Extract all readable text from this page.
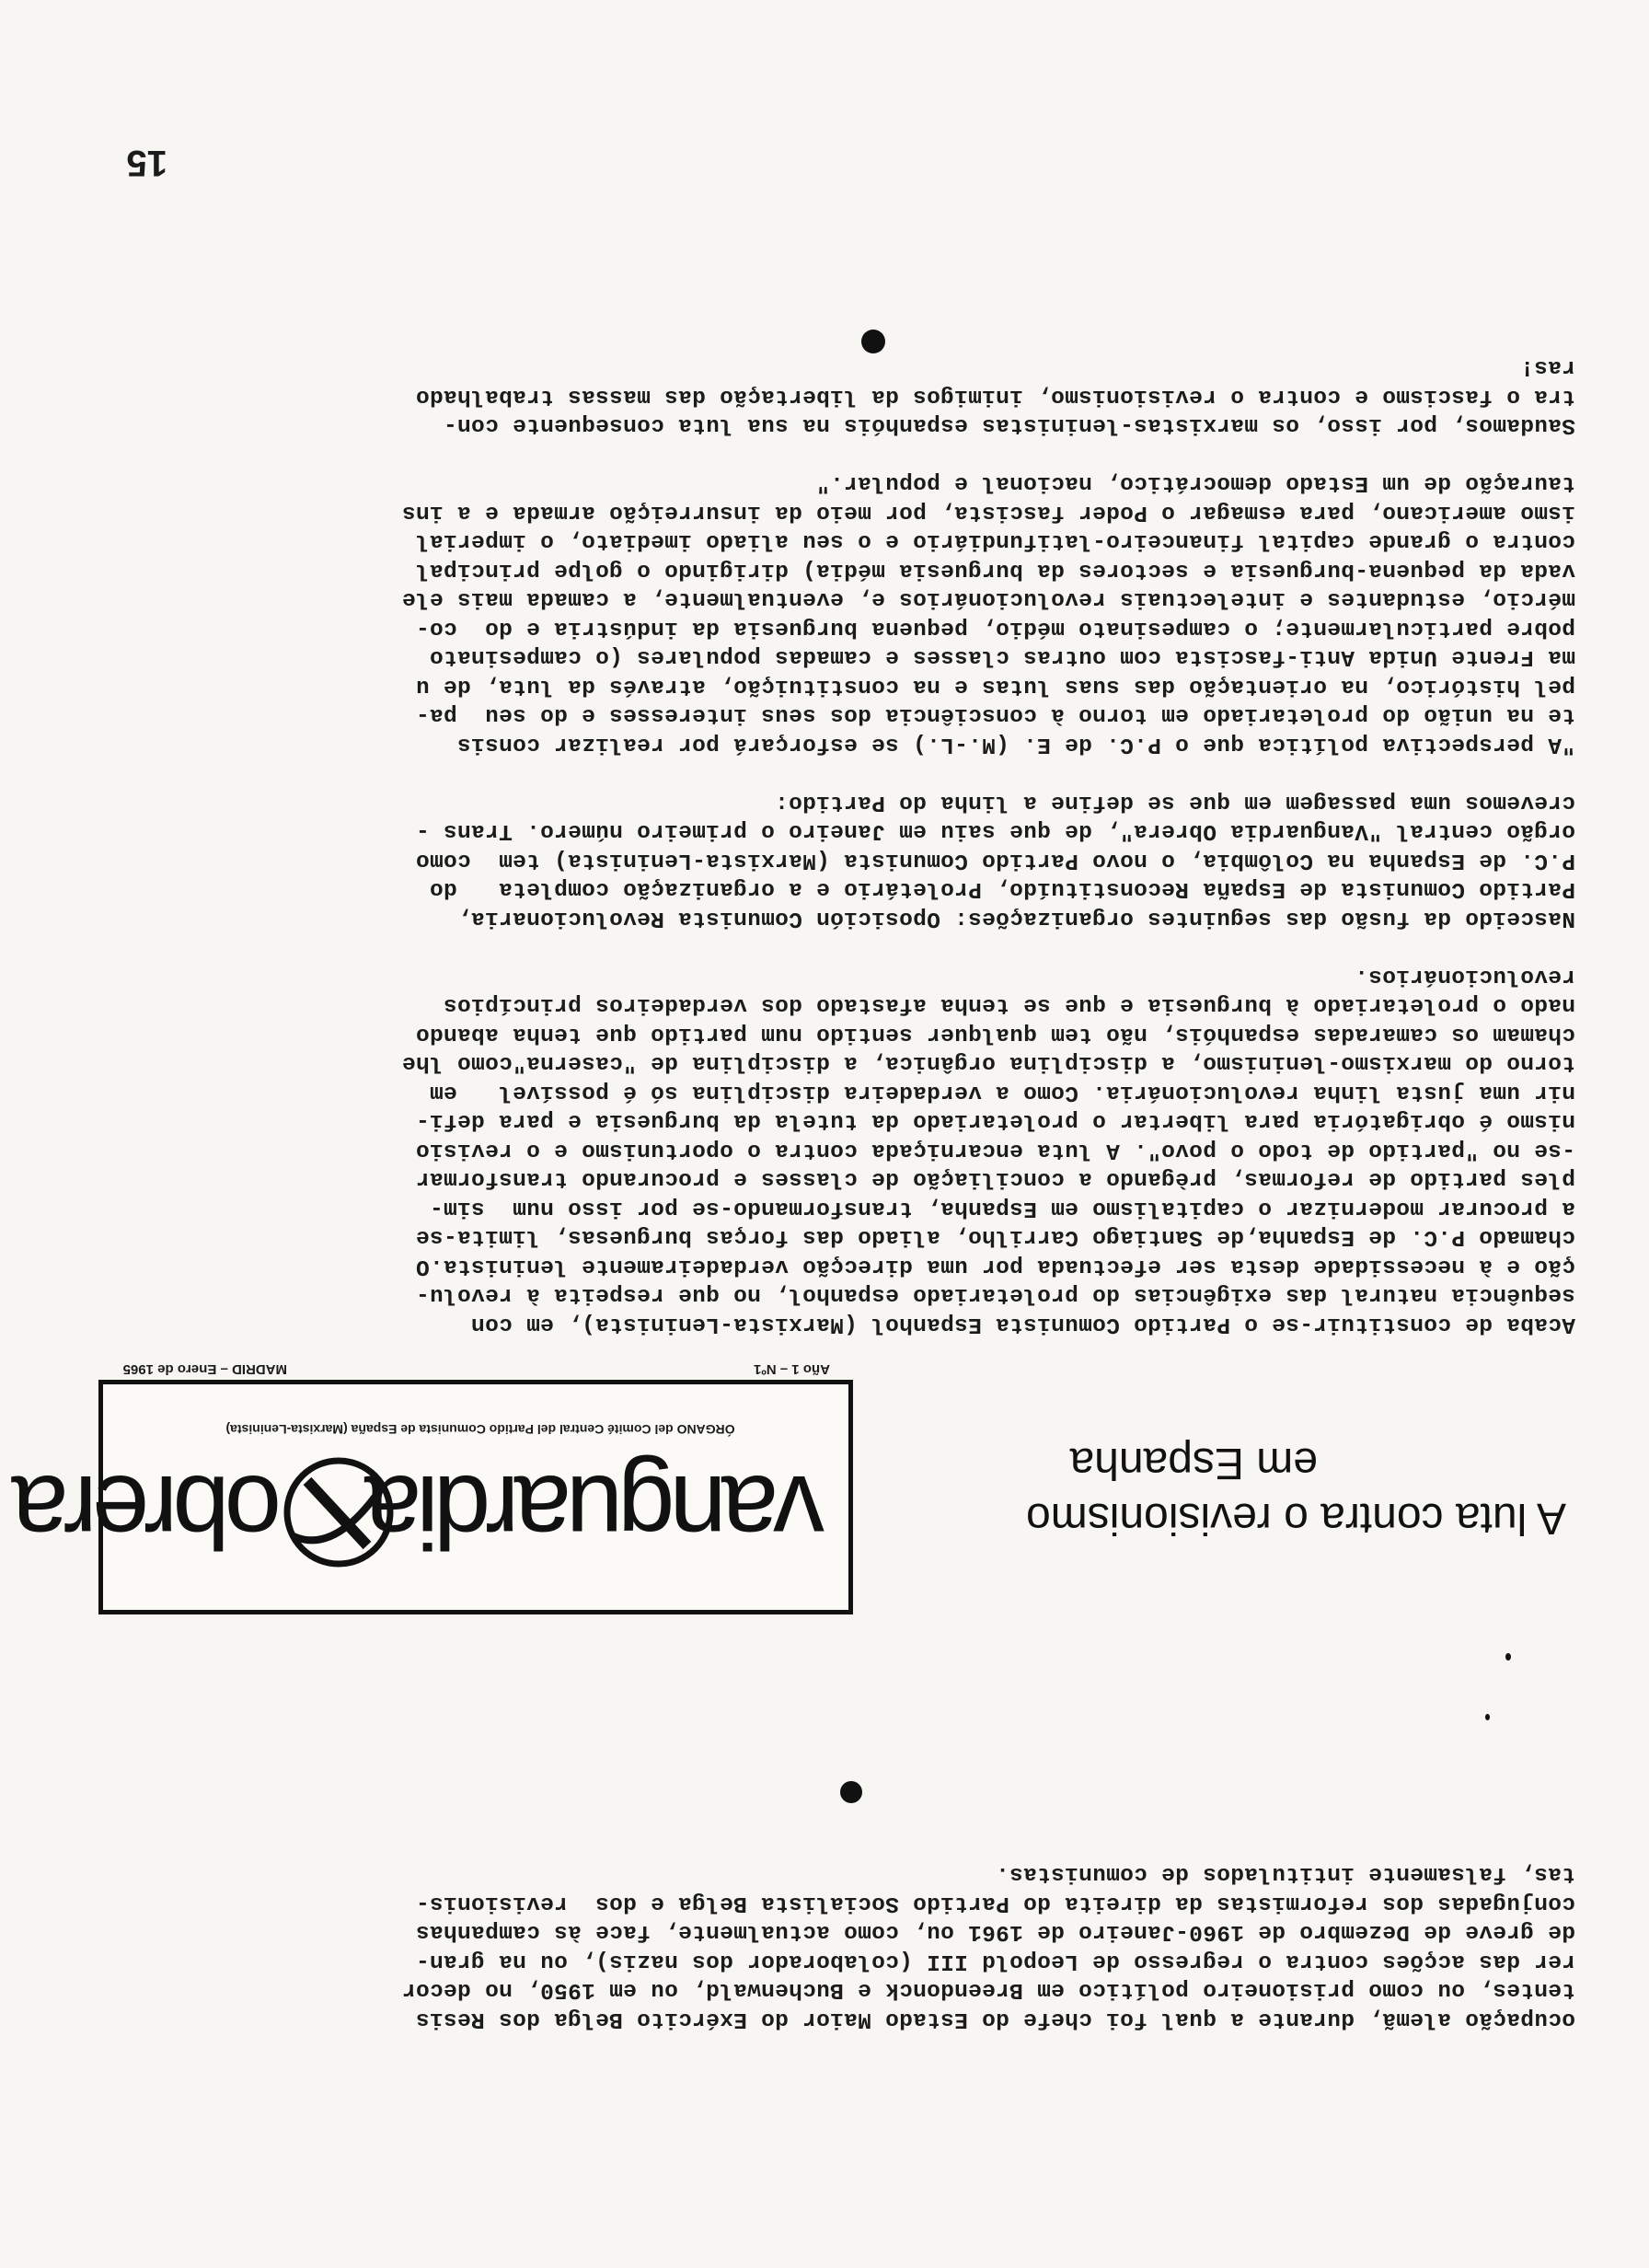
15
ocupação alemã, durante a qual foi chefe do Estado Maior do Exército Belga dos Resis
tentes, ou como prisioneiro político em Breendonck e Buchenwald, ou em 1950, no decor
rer das acções contra o regresso de Leopold III (colaborador dos nazis), ou na gran-
de greve de Dezembro de 1960-Janeiro de 1961 ou, como actualmente, face às campanhas
conjugadas dos reformistas da direita do Partido Socialista Belga e dos  revisionis-
tas, falsamente intitulados de comunistas.
A luta contra o revisionismo
em Espanha
vanguardia
obrera
ÓRGANO del Comité Central del Partido Comunista de España (Marxista-Leninista)
Año 1 – Nº1
MADRID – Enero de 1965
Acaba de constituir-se o Partido Comunista Espanhol (Marxista-Leninista), em con
sequência natural das exigências do proletariado espanhol, no que respeita à revolu-
ção e à necessidade desta ser efectuada por uma direcção verdadeiramente leninista.O
chamado P.C. de Espanha,de Santiago Carrilho, aliado das forças burguesas, limita-se
a procurar modernizar o capitalismo em Espanha, transformando-se por isso num  sim-
ples partido de reformas, prègando a conciliação de classes e procurando transformar
-se no "partido de todo o povo". A luta encarniçada contra o oportunismo e o revisio
nismo é obrigatória para libertar o proletariado da tutela da burguesia e para defi-
nir uma justa linha revolucionária. Como a verdadeira disciplina só é possível   em
torno do marxismo-leninismo, a disciplina orgânica, a disciplina de "caserna"como lhe
chamam os camaradas espanhóis, não tem qualquer sentido num partido que tenha abando
nado o proletariado à burguesia e que se tenha afastado dos verdadeiros princípios
revolucionários.

Nasceido da fusão das seguintes organizações: Oposición Comunista Revolucionaria,
Partido Comunista de España Reconstituído, Proletário e a organização completa   do
P.C. de Espanha na Colômbia, o novo Partido Comunista (Marxista-Leninista) tem  como
orgão central "Vanguardia Obrera", de que saiu em Janeiro o primeiro número. Trans -
crevemos uma passagem em que se define a linha do Partido:

"A perspectiva política que o P.C. de E. (M.-L.) se esforçará por realizar consis
te na união do proletariado em torno à consciência dos seus interesses e do seu  pa-
pel histórico, na orientação das suas lutas e na constituição, através da luta, de u
ma Frente Unida Anti-fascista com outras classes e camadas populares (o campesinato
pobre particularmente; o campesinato médio, pequena burguesia da indústria e do  co-
mércio, estudantes e intelectuais revolucionários e, eventualmente, a camada mais ele
vada da pequena-burguesia e sectores da burguesia média) dirigindo o golpe principal
contra o grande capital financeiro-latifundiário e o seu aliado imediato, o imperial
ismo americano, para esmagar o Poder fascista, por meio da insurreição armada e a ins
tauração de um Estado democrático, nacional e popular."

Saudamos, por isso, os marxistas-leninistas espanhóis na sua luta consequente con-
tra o fascismo e contra o revisionismo, inimigos da libertação das massas trabalhado
ras!
